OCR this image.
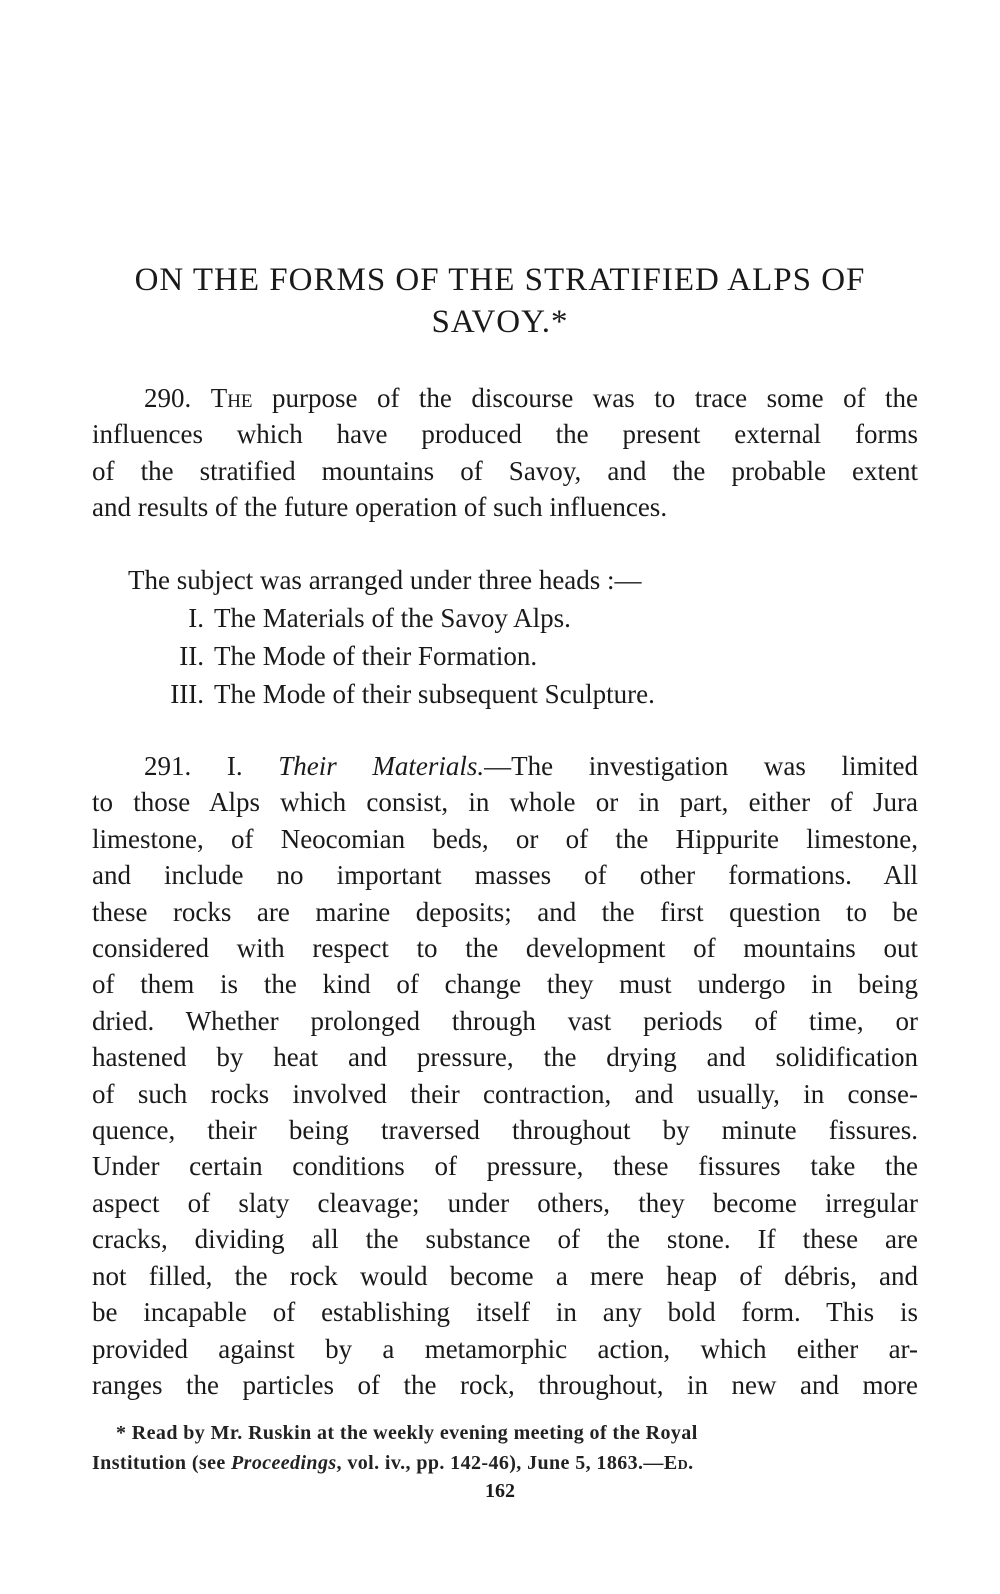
ON THE FORMS OF THE STRATIFIED ALPS OF
SAVOY.*
290. The purpose of the discourse was to trace some of the
influences which have produced the present external forms
of the stratified mountains of Savoy, and the probable extent
and results of the future operation of such influences.
The subject was arranged under three heads :—
I. The Materials of the Savoy Alps.
II. The Mode of their Formation.
III. The Mode of their subsequent Sculpture.
291. I. Their Materials.—The investigation was limited
to those Alps which consist, in whole or in part, either of Jura
limestone, of Neocomian beds, or of the Hippurite limestone,
and include no important masses of other formations. All
these rocks are marine deposits; and the first question to be
considered with respect to the development of mountains out
of them is the kind of change they must undergo in being
dried. Whether prolonged through vast periods of time, or
hastened by heat and pressure, the drying and solidification
of such rocks involved their contraction, and usually, in conse-
quence, their being traversed throughout by minute fissures.
Under certain conditions of pressure, these fissures take the
aspect of slaty cleavage; under others, they become irregular
cracks, dividing all the substance of the stone. If these are
not filled, the rock would become a mere heap of débris, and
be incapable of establishing itself in any bold form. This is
provided against by a metamorphic action, which either ar-
ranges the particles of the rock, throughout, in new and more
* Read by Mr. Ruskin at the weekly evening meeting of the Royal
Institution (see Proceedings, vol. iv., pp. 142-46), June 5, 1863.—Ed.
162
